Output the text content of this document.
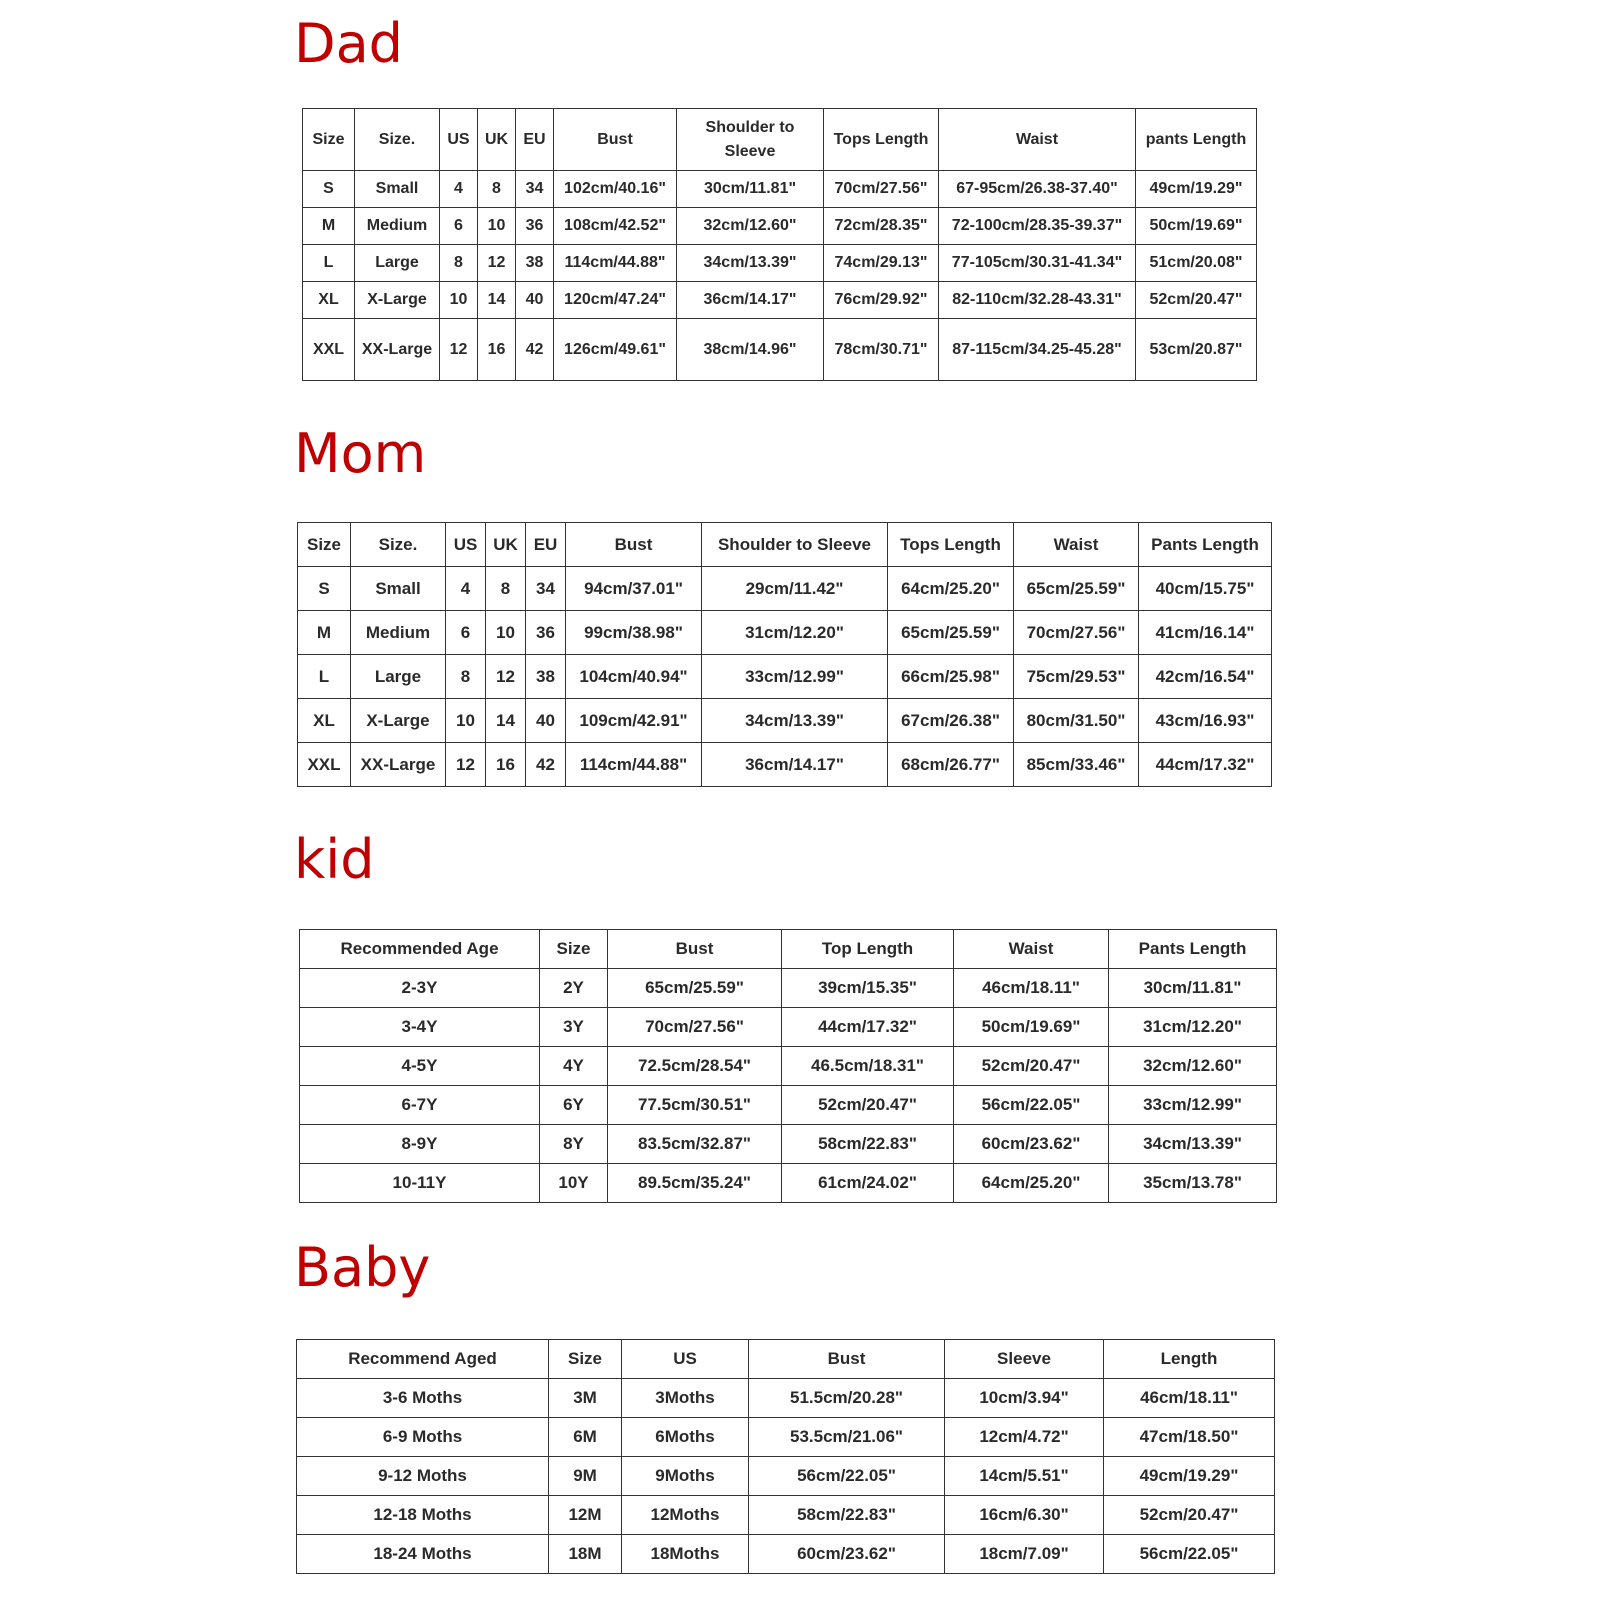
Dad
Size	Size.	US	UK	EU	Bust	Shoulder to Sleeve	Tops Length	Waist	pants Length
S	Small	4	8	34	102cm/40.16"	30cm/11.81"	70cm/27.56"	67-95cm/26.38-37.40"	49cm/19.29"
M	Medium	6	10	36	108cm/42.52"	32cm/12.60"	72cm/28.35"	72-100cm/28.35-39.37"	50cm/19.69"
L	Large	8	12	38	114cm/44.88"	34cm/13.39"	74cm/29.13"	77-105cm/30.31-41.34"	51cm/20.08"
XL	X-Large	10	14	40	120cm/47.24"	36cm/14.17"	76cm/29.92"	82-110cm/32.28-43.31"	52cm/20.47"
XXL	XX-Large	12	16	42	126cm/49.61"	38cm/14.96"	78cm/30.71"	87-115cm/34.25-45.28"	53cm/20.87"
Mom
Size	Size.	US	UK	EU	Bust	Shoulder to Sleeve	Tops Length	Waist	Pants Length
S	Small	4	8	34	94cm/37.01"	29cm/11.42"	64cm/25.20"	65cm/25.59"	40cm/15.75"
M	Medium	6	10	36	99cm/38.98"	31cm/12.20"	65cm/25.59"	70cm/27.56"	41cm/16.14"
L	Large	8	12	38	104cm/40.94"	33cm/12.99"	66cm/25.98"	75cm/29.53"	42cm/16.54"
XL	X-Large	10	14	40	109cm/42.91"	34cm/13.39"	67cm/26.38"	80cm/31.50"	43cm/16.93"
XXL	XX-Large	12	16	42	114cm/44.88"	36cm/14.17"	68cm/26.77"	85cm/33.46"	44cm/17.32"
kid
Recommended Age	Size	Bust	Top Length	Waist	Pants Length
2-3Y	2Y	65cm/25.59"	39cm/15.35"	46cm/18.11"	30cm/11.81"
3-4Y	3Y	70cm/27.56"	44cm/17.32"	50cm/19.69"	31cm/12.20"
4-5Y	4Y	72.5cm/28.54"	46.5cm/18.31"	52cm/20.47"	32cm/12.60"
6-7Y	6Y	77.5cm/30.51"	52cm/20.47"	56cm/22.05"	33cm/12.99"
8-9Y	8Y	83.5cm/32.87"	58cm/22.83"	60cm/23.62"	34cm/13.39"
10-11Y	10Y	89.5cm/35.24"	61cm/24.02"	64cm/25.20"	35cm/13.78"
Baby
Recommend Aged	Size	US	Bust	Sleeve	Length
3-6 Moths	3M	3Moths	51.5cm/20.28"	10cm/3.94"	46cm/18.11"
6-9 Moths	6M	6Moths	53.5cm/21.06"	12cm/4.72"	47cm/18.50"
9-12 Moths	9M	9Moths	56cm/22.05"	14cm/5.51"	49cm/19.29"
12-18 Moths	12M	12Moths	58cm/22.83"	16cm/6.30"	52cm/20.47"
18-24 Moths	18M	18Moths	60cm/23.62"	18cm/7.09"	56cm/22.05"
